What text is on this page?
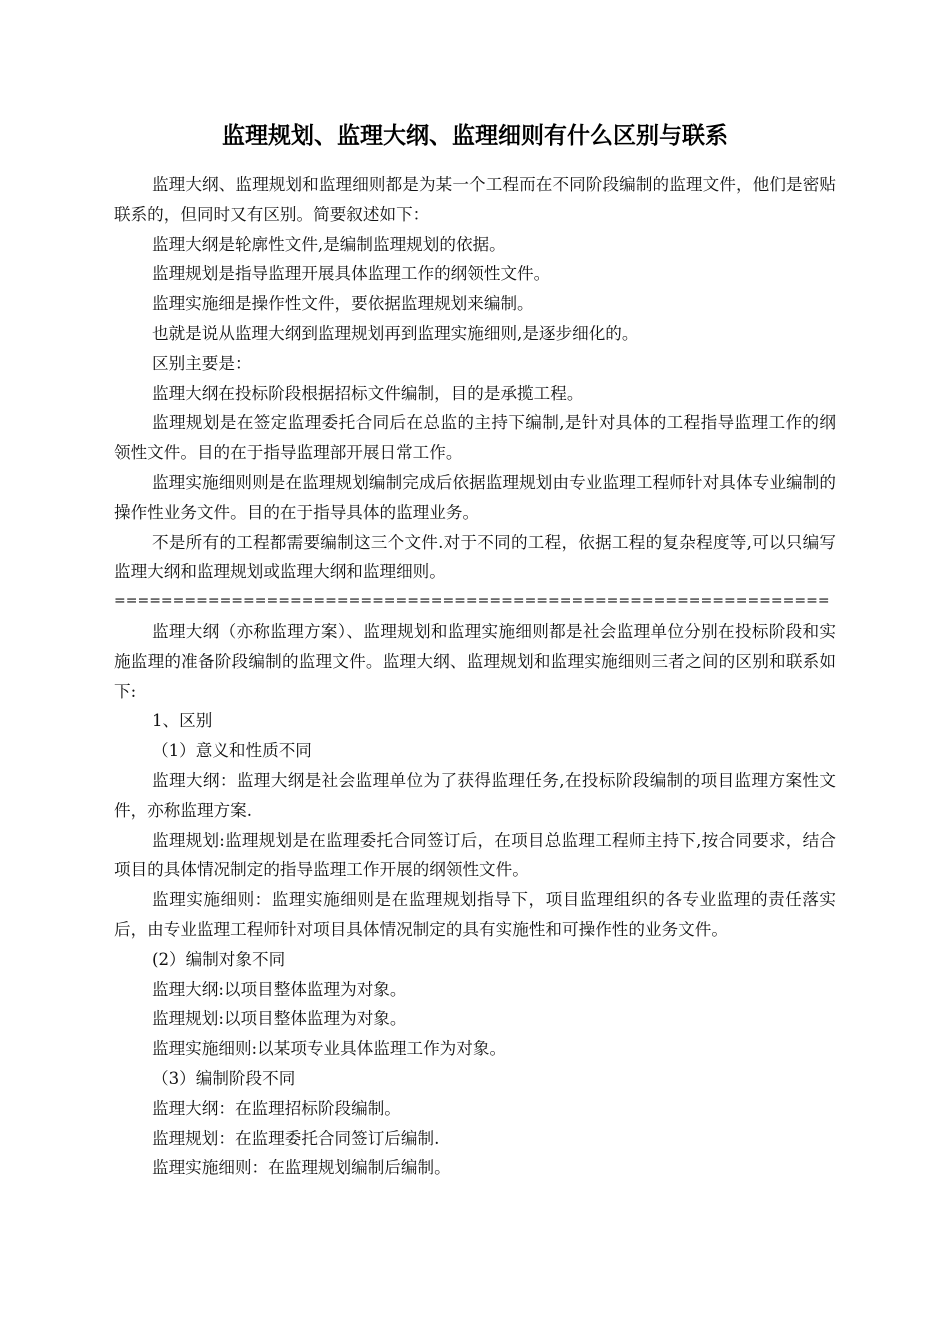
监理规划、监理大纲、监理细则有什么区别与联系

监理大纲、监理规划和监理细则都是为某一个工程而在不同阶段编制的监理文件，他们是密贴联系的，但同时又有区别。简要叙述如下：

监理大纲是轮廓性文件,是编制监理规划的依据。

监理规划是指导监理开展具体监理工作的纲领性文件。

监理实施细是操作性文件，要依据监理规划来编制。

也就是说从监理大纲到监理规划再到监理实施细则,是逐步细化的。

区别主要是：

监理大纲在投标阶段根据招标文件编制，目的是承揽工程。

监理规划是在签定监理委托合同后在总监的主持下编制,是针对具体的工程指导监理工作的纲领性文件。目的在于指导监理部开展日常工作。

监理实施细则则是在监理规划编制完成后依据监理规划由专业监理工程师针对具体专业编制的操作性业务文件。目的在于指导具体的监理业务。

不是所有的工程都需要编制这三个文件.对于不同的工程，依据工程的复杂程度等,可以只编写监理大纲和监理规划或监理大纲和监理细则。

=============================================================

监理大纲（亦称监理方案）、监理规划和监理实施细则都是社会监理单位分别在投标阶段和实施监理的准备阶段编制的监理文件。监理大纲、监理规划和监理实施细则三者之间的区别和联系如下:

1、区别

（1）意义和性质不同

监理大纲：监理大纲是社会监理单位为了获得监理任务,在投标阶段编制的项目监理方案性文件，亦称监理方案.

监理规划:监理规划是在监理委托合同签订后，在项目总监理工程师主持下,按合同要求，结合项目的具体情况制定的指导监理工作开展的纲领性文件。

监理实施细则：监理实施细则是在监理规划指导下，项目监理组织的各专业监理的责任落实后，由专业监理工程师针对项目具体情况制定的具有实施性和可操作性的业务文件。

(2）编制对象不同

监理大纲:以项目整体监理为对象。

监理规划:以项目整体监理为对象。

监理实施细则:以某项专业具体监理工作为对象。

（3）编制阶段不同

监理大纲：在监理招标阶段编制。

监理规划：在监理委托合同签订后编制.

监理实施细则：在监理规划编制后编制。
